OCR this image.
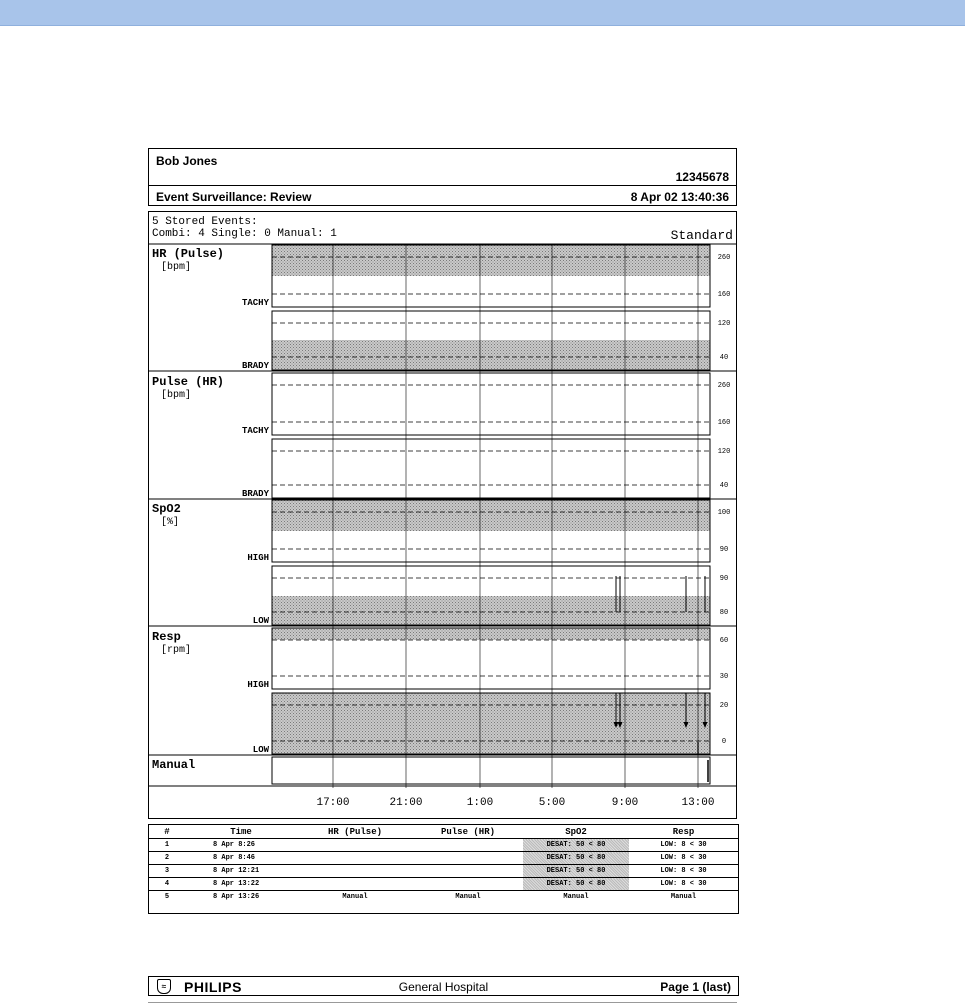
Bob Jones
12345678
Event Surveillance: Review	8 Apr 02 13:40:36
5 Stored Events:
Combi: 4 Single: 0 Manual: 1	Standard
HR (Pulse)
[bpm]
TACHY
BRADY
260
160
120
40
Pulse (HR)
[bpm]
TACHY
BRADY
260
160
120
40
SpO2
[%]
HIGH
LOW
100
90
90
80
Resp
[rpm]
HIGH
LOW
60
30
20
0
Manual
17:00	21:00	1:00	5:00	9:00	13:00
#	Time	HR (Pulse)	Pulse (HR)	SpO2	Resp
1	8 Apr 8:26			DESAT: 50 < 80	LOW: 8 < 30
2	8 Apr 8:46			DESAT: 50 < 80	LOW: 8 < 30
3	8 Apr 12:21			DESAT: 50 < 80	LOW: 8 < 30
4	8 Apr 13:22			DESAT: 50 < 80	LOW: 8 < 30
5	8 Apr 13:26	Manual	Manual	Manual	Manual
≈	PHILIPS	General Hospital	Page 1 (last)
